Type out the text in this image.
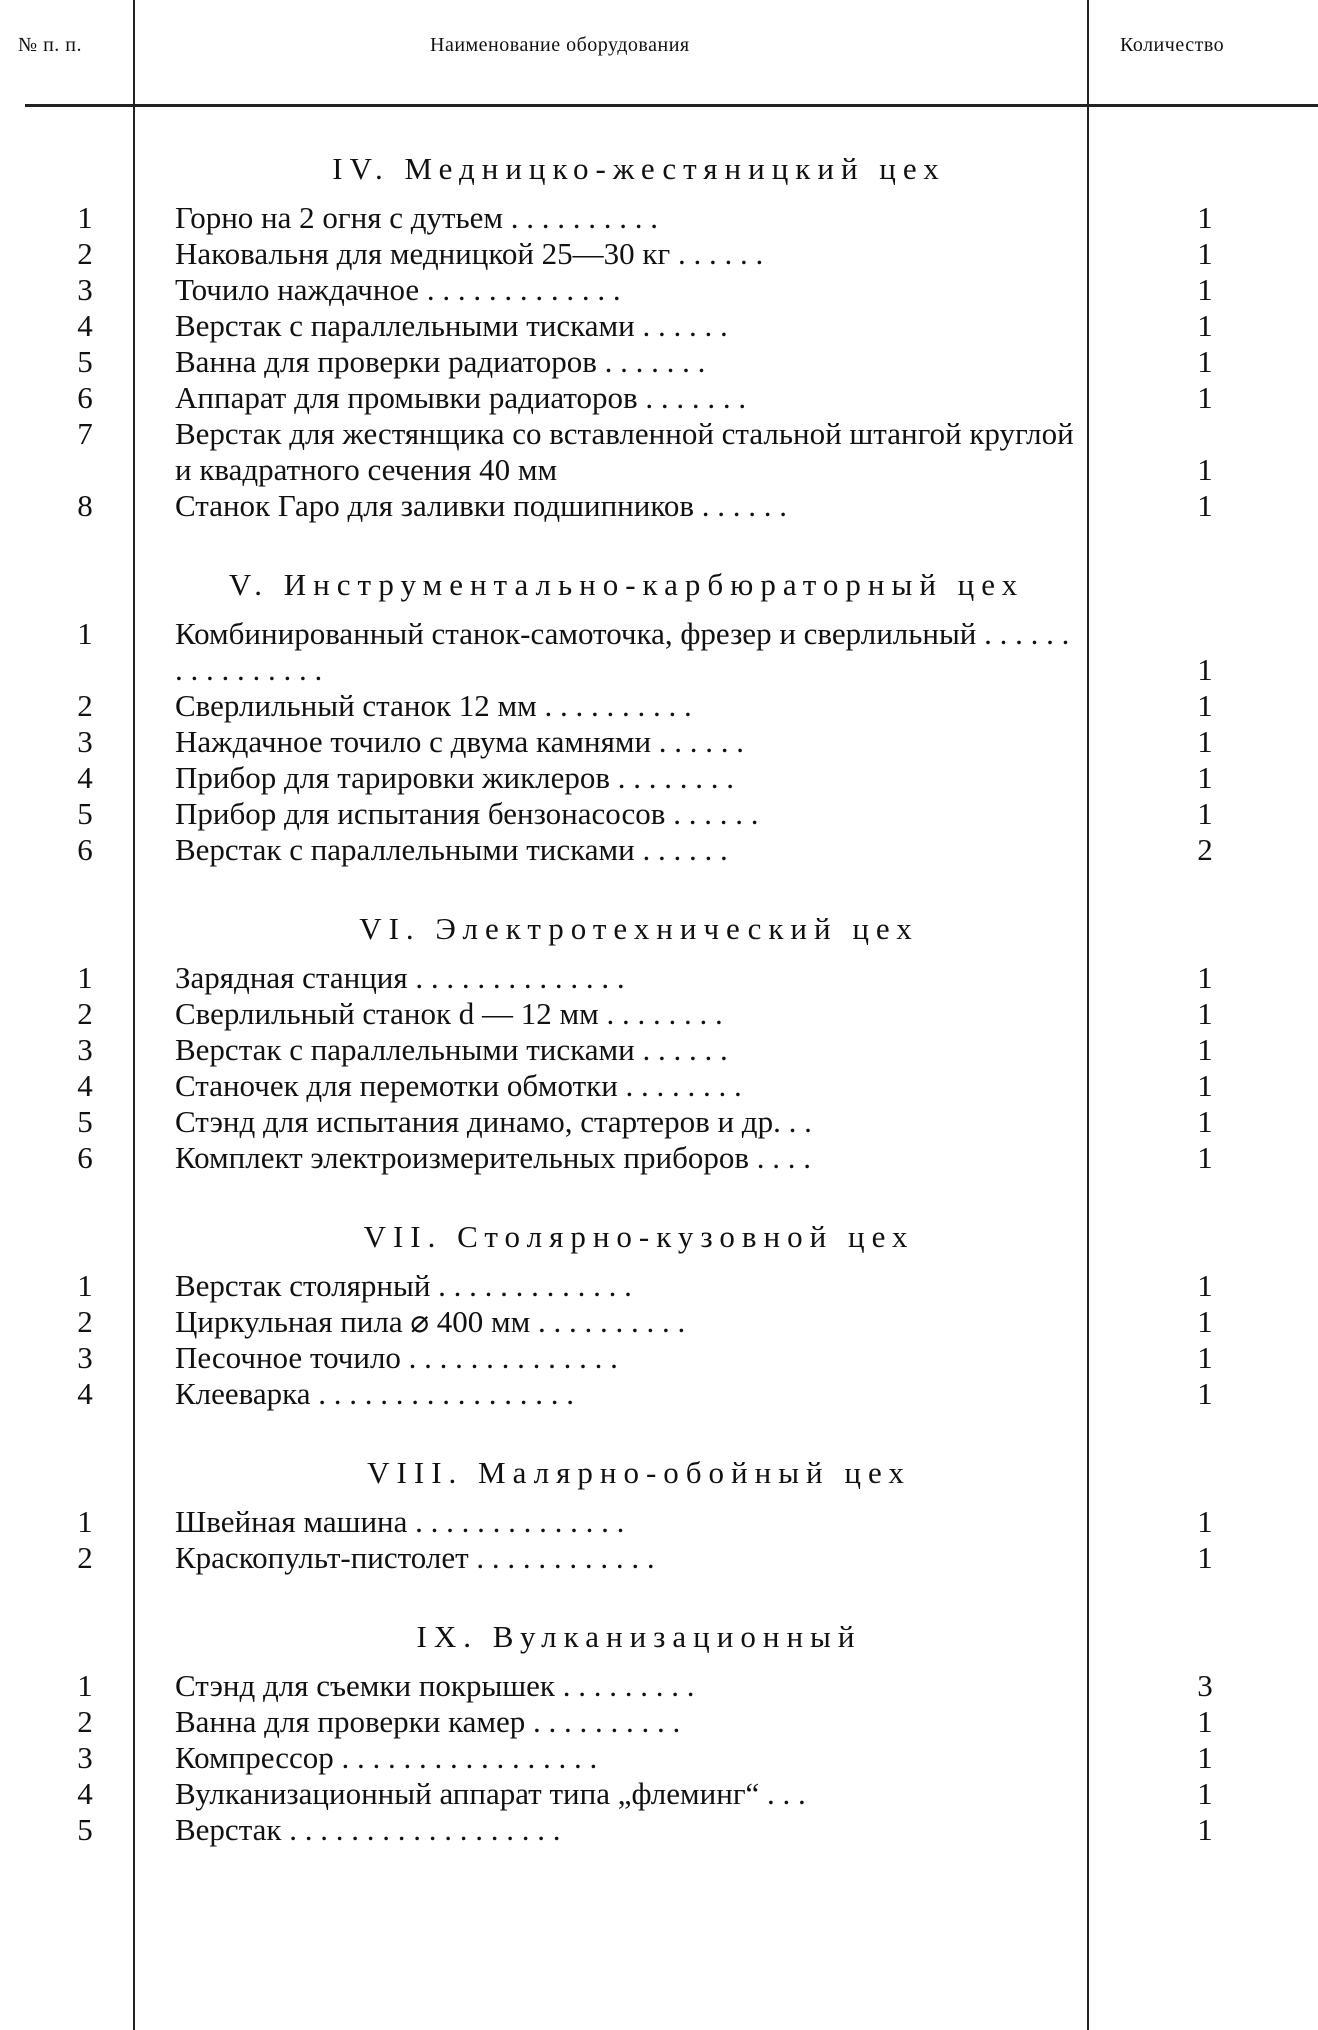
№ п. п.	Наименование оборудования	Количество
IV. Медницко-жестяницкий цех
1	Горно на 2 огня с дутьем . . . . . . . . . .	1
2	Наковальня для медницкой 25—30 кг . . . . . .	1
3	Точило наждачное . . . . . . . . . . . . .	1
4	Верстак с параллельными тисками . . . . . .	1
5	Ванна для проверки радиаторов . . . . . . .	1
6	Аппарат для промывки радиаторов . . . . . . .	1
7	Верстак для жестянщика со вставленной стальной штангой круглой и квадратного сечения 40 мм	1
8	Станок Гаро для заливки подшипников . . . . . .	1
V. Инструментально-карбюраторный цех
1	Комбинированный станок-самоточка, фрезер и сверлильный . . . . . . . . . . . . . . . .	1
2	Сверлильный станок 12 мм . . . . . . . . . .	1
3	Наждачное точило с двума камнями . . . . . .	1
4	Прибор для тарировки жиклеров . . . . . . . .	1
5	Прибор для испытания бензонасосов . . . . . .	1
6	Верстак с параллельными тисками . . . . . .	2
VI. Электротехнический цех
1	Зарядная станция . . . . . . . . . . . . . .	1
2	Сверлильный станок d — 12 мм . . . . . . . .	1
3	Верстак с параллельными тисками . . . . . .	1
4	Станочек для перемотки обмотки . . . . . . . .	1
5	Стэнд для испытания динамо, стартеров и др. . .	1
6	Комплект электроизмерительных приборов . . . .	1
VII. Столярно-кузовной цех
1	Верстак столярный . . . . . . . . . . . . .	1
2	Циркульная пила ⌀ 400 мм . . . . . . . . . .	1
3	Песочное точило . . . . . . . . . . . . . .	1
4	Клееварка . . . . . . . . . . . . . . . . .	1
VIII. Малярно-обойный цех
1	Швейная машина . . . . . . . . . . . . . .	1
2	Краскопульт-пистолет . . . . . . . . . . . .	1
IX. Вулканизационный
1	Стэнд для съемки покрышек . . . . . . . . .	3
2	Ванна для проверки камер . . . . . . . . . .	1
3	Компрессор . . . . . . . . . . . . . . . . .	1
4	Вулканизационный аппарат типа „флеминг“ . . .	1
5	Верстак . . . . . . . . . . . . . . . . . .	1
